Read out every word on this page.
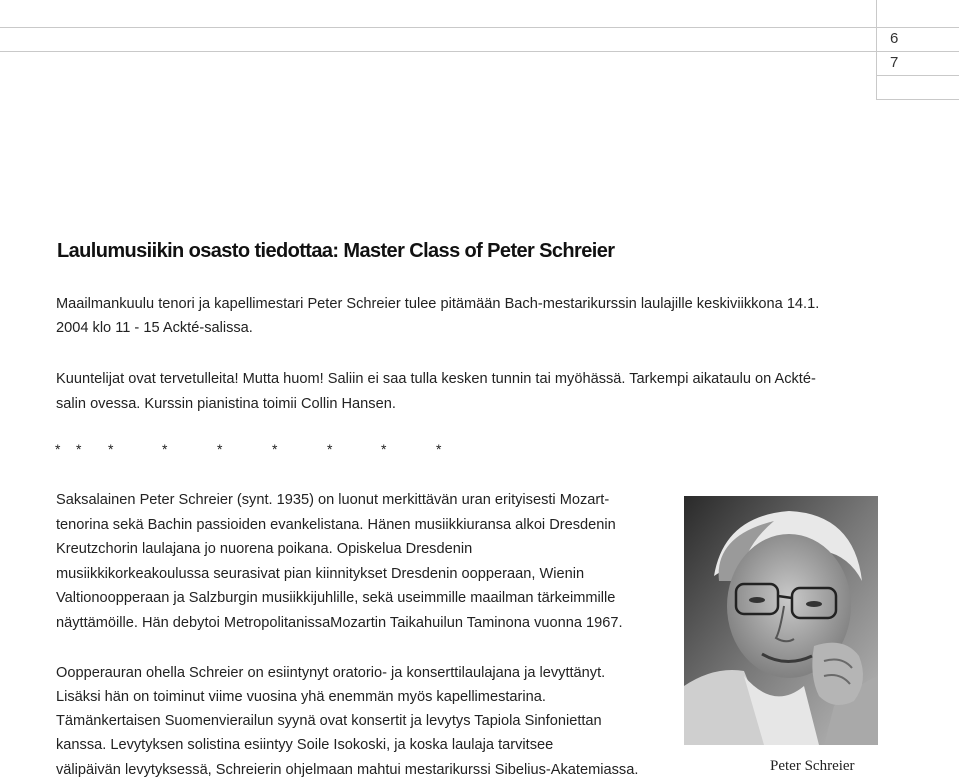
6
7
Laulumusiikin osasto tiedottaa: Master Class of Peter Schreier
Maailmankuulu tenori ja kapellimestari Peter Schreier tulee pitämään Bach-mestarikurssin laulajille keskiviikkona 14.1.
2004 klo 11 - 15 Ackté-salissa.
Kuuntelijat ovat tervetulleita! Mutta huom! Saliin ei saa tulla kesken tunnin tai myöhässä. Tarkempi aikataulu on Ackté-
salin ovessa. Kurssin pianistina toimii Collin Hansen.
* * *	*	*	*	*	*	*
Saksalainen Peter Schreier (synt. 1935) on luonut merkittävän uran erityisesti Mozart-
tenorina sekä Bachin passioiden evankelistana. Hänen musiikkiuransa alkoi Dresdenin
Kreutzchorin laulajana jo nuorena poikana. Opiskelua Dresdenin
musiikkikorkeakoulussa seurasivat pian kiinnitykset Dresdenin oopperaan, Wienin
Valtionoopperaan ja Salzburgin musiikkijuhlille, sekä useimmille maailman tärkeimmille
näyttämöille. Hän debytoi MetropolitanissaMozartin Taikahuilun Taminona vuonna 1967.
Oopperauran ohella Schreier on esiintynyt oratorio- ja konserttilaulajana ja levyttänyt.
Lisäksi hän on toiminut viime vuosina yhä enemmän myös kapellimestarina.
Tämänkertaisen Suomenvierailun syynä ovat konsertit ja levytys Tapiola Sinfoniettan
kanssa. Levytyksen solistina esiintyy Soile Isokoski, ja koska laulaja tarvitsee
välipäivän levytyksessä, Schreierin ohjelmaan mahtui mestarikurssi Sibelius-Akatemiassa.	Peter Schreier
